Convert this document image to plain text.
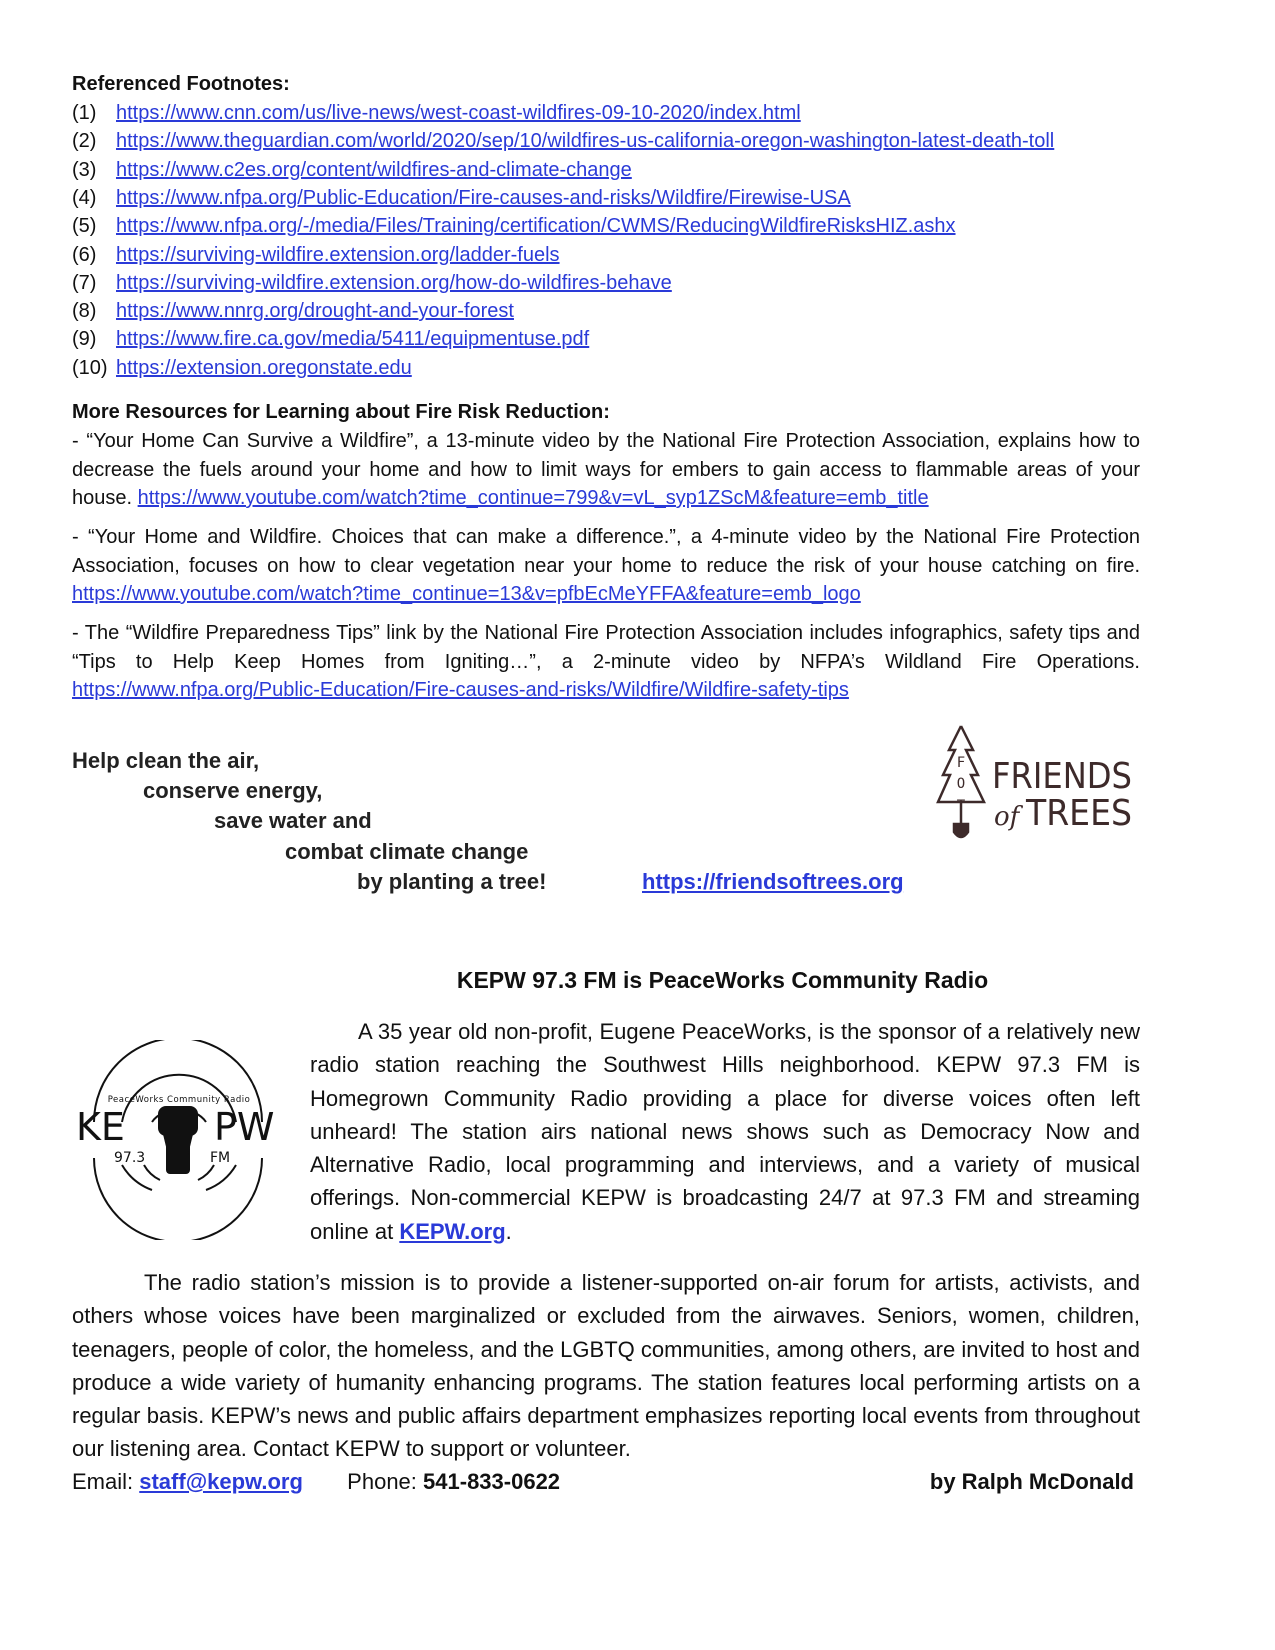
Referenced Footnotes:
(1) https://www.cnn.com/us/live-news/west-coast-wildfires-09-10-2020/index.html
(2) https://www.theguardian.com/world/2020/sep/10/wildfires-us-california-oregon-washington-latest-death-toll
(3) https://www.c2es.org/content/wildfires-and-climate-change
(4) https://www.nfpa.org/Public-Education/Fire-causes-and-risks/Wildfire/Firewise-USA
(5) https://www.nfpa.org/-/media/Files/Training/certification/CWMS/ReducingWildfireRisksHIZ.ashx
(6) https://surviving-wildfire.extension.org/ladder-fuels
(7) https://surviving-wildfire.extension.org/how-do-wildfires-behave
(8) https://www.nnrg.org/drought-and-your-forest
(9) https://www.fire.ca.gov/media/5411/equipmentuse.pdf
(10) https://extension.oregonstate.edu
More Resources for Learning about Fire Risk Reduction:
- “Your Home Can Survive a Wildfire”, a 13-minute video by the National Fire Protection Association, explains how to decrease the fuels around your home and how to limit ways for embers to gain access to flammable areas of your house. https://www.youtube.com/watch?time_continue=799&v=vL_syp1ZScM&feature=emb_title
- “Your Home and Wildfire. Choices that can make a difference.”, a 4-minute video by the National Fire Protection Association, focuses on how to clear vegetation near your home to reduce the risk of your house catching on fire. https://www.youtube.com/watch?time_continue=13&v=pfbEcMeYFFA&feature=emb_logo
- The “Wildfire Preparedness Tips” link by the National Fire Protection Association includes infographics, safety tips and “Tips to Help Keep Homes from Igniting…”, a 2-minute video by NFPA’s Wildland Fire Operations. https://www.nfpa.org/Public-Education/Fire-causes-and-risks/Wildfire/Wildfire-safety-tips
Help clean the air,
conserve energy,
save water and
combat climate change
by planting a tree!	https://friendsoftrees.org
F
O
T
FRIENDS
of TREES
KEPW 97.3 FM is PeaceWorks Community Radio
PeaceWorks Community Radio
KE PW
97.3	FM
A 35 year old non-profit, Eugene PeaceWorks, is the sponsor of a relatively new radio station reaching the Southwest Hills neighborhood. KEPW 97.3 FM is Homegrown Community Radio providing a place for diverse voices often left unheard! The station airs national news shows such as Democracy Now and Alternative Radio, local programming and interviews, and a variety of musical offerings. Non-commercial KEPW is broadcasting 24/7 at 97.3 FM and streaming online at KEPW.org.
The radio station’s mission is to provide a listener-supported on-air forum for artists, activists, and others whose voices have been marginalized or excluded from the airwaves. Seniors, women, children, teenagers, people of color, the homeless, and the LGBTQ communities, among others, are invited to host and produce a wide variety of humanity enhancing programs. The station features local performing artists on a regular basis. KEPW’s news and public affairs department emphasizes reporting local events from throughout our listening area. Contact KEPW to support or volunteer.
Email: staff@kepw.org Phone: 541-833-0622	by Ralph McDonald
